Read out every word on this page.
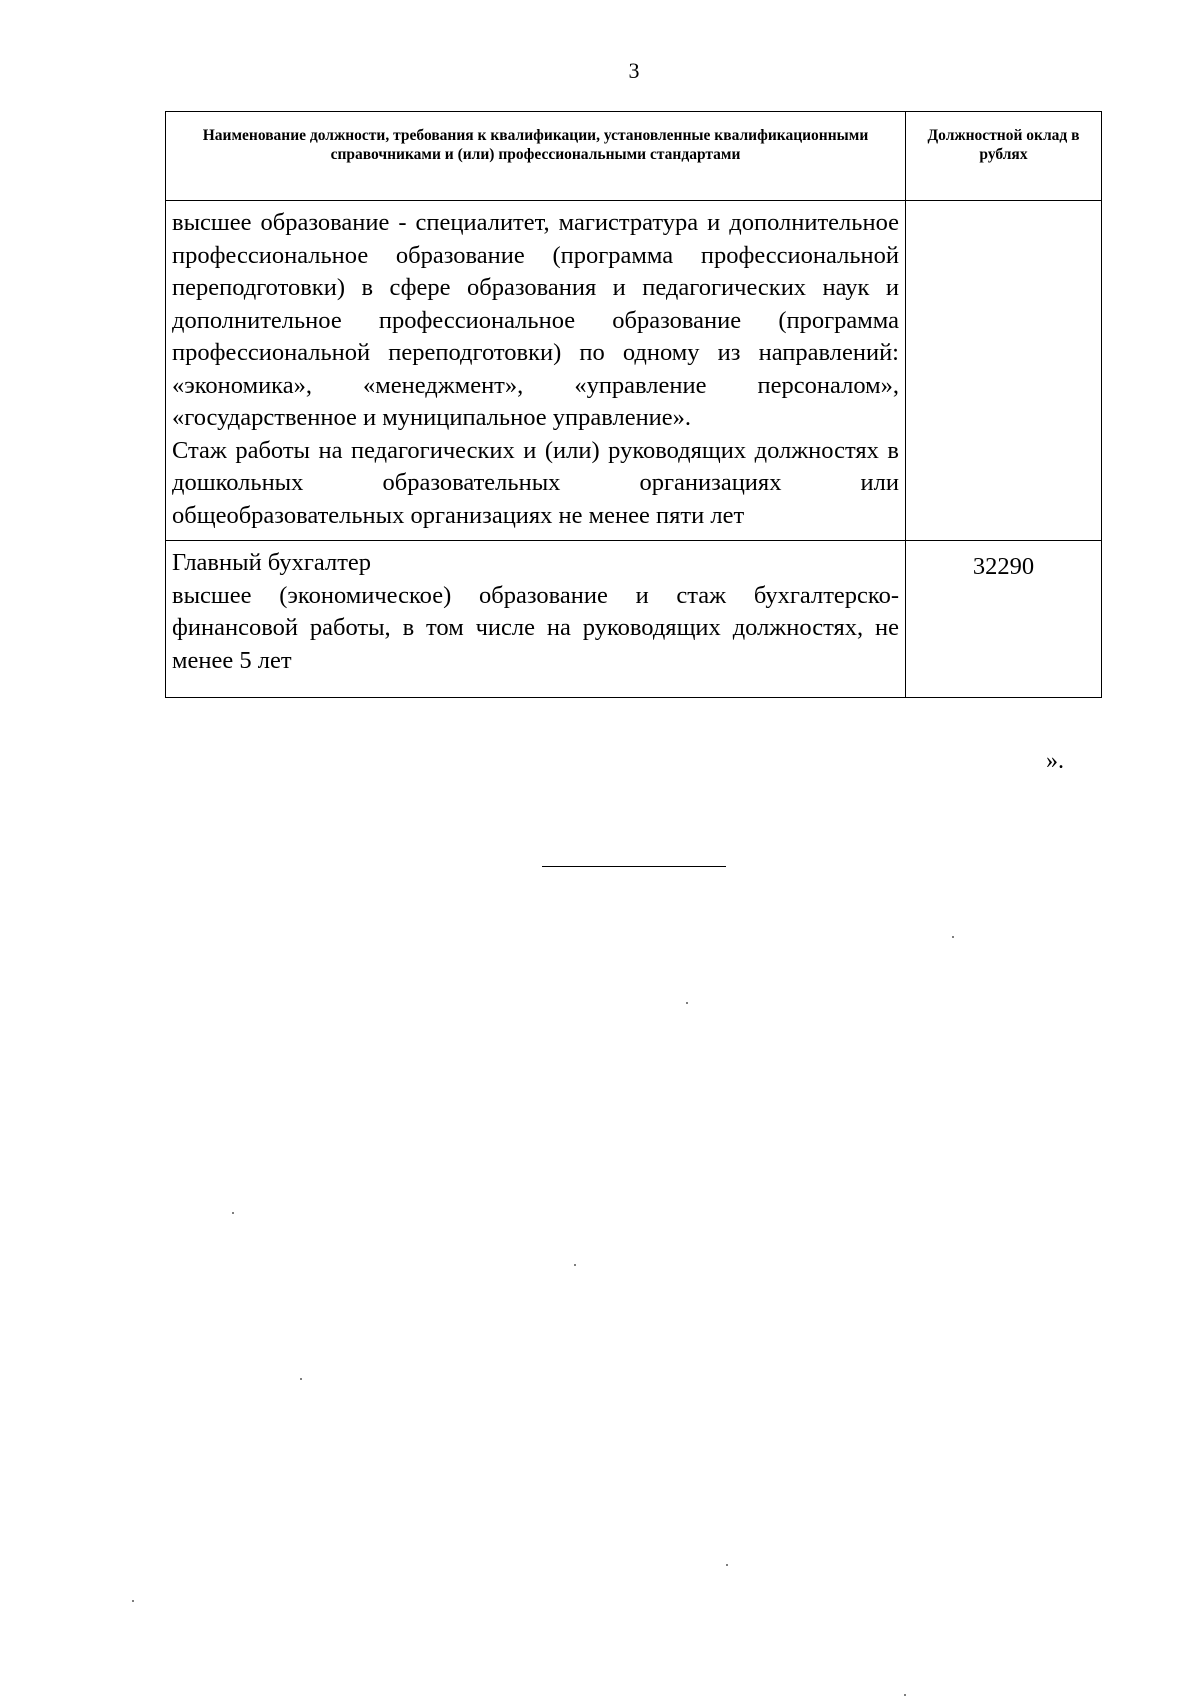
3
Наименование должности, требования к квалификации, установленные квалификационными справочниками и (или) профессиональными стандартами	Должностной оклад в рублях

высшее образование - специалитет, магистратура и дополнительное профессиональное образование (программа профессиональной переподготовки) в сфере образования и педагогических наук и дополнительное профессиональное образование (программа профессиональной переподготовки) по одному из направлений: «экономика», «менеджмент», «управление персоналом», «государственное и муниципальное управление».

Стаж работы на педагогических и (или) руководящих должностях в дошкольных образовательных организациях или общеобразовательных организациях не менее пяти лет	

Главный бухгалтер

высшее (экономическое) образование и стаж бухгалтерско-финансовой работы, в том числе на руководящих должностях, не менее 5 лет	32290
».
